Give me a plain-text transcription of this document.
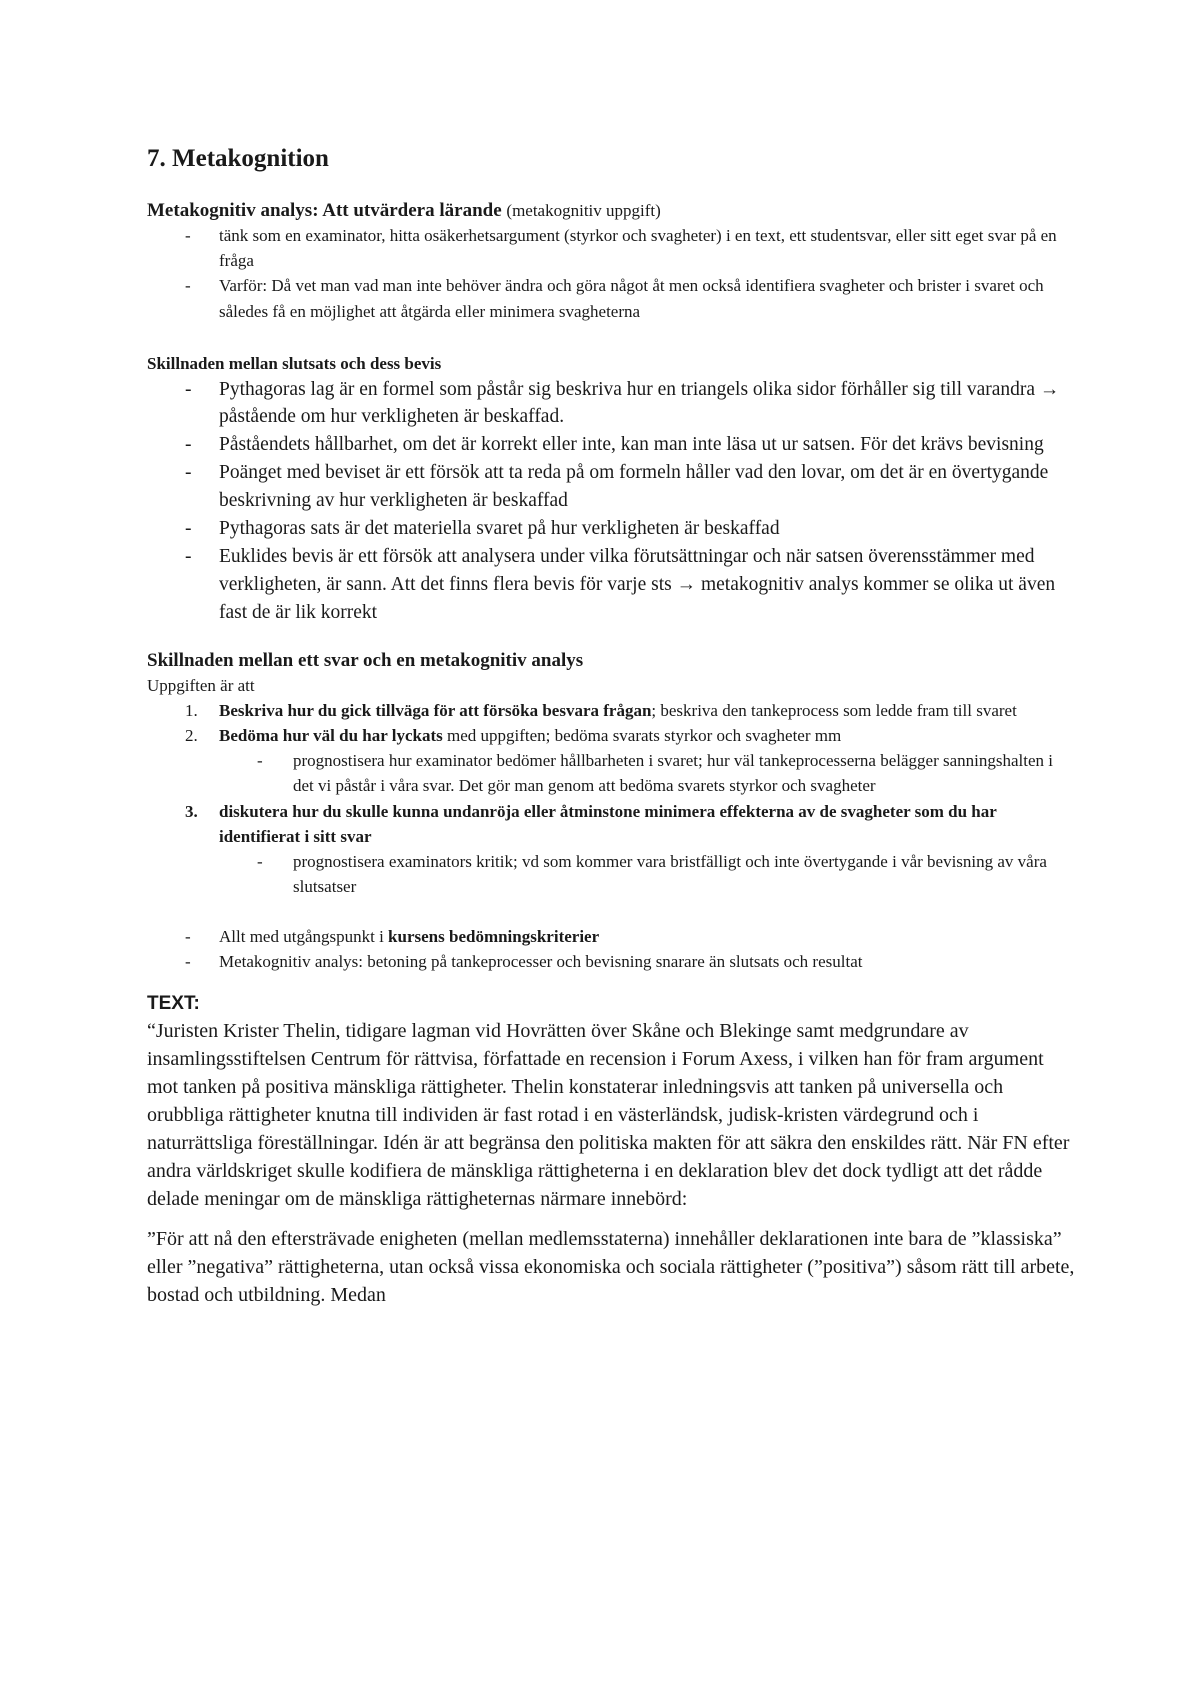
7. Metakognition

Metakognitiv analys: Att utvärdera lärande (metakognitiv uppgift)

- tänk som en examinator, hitta osäkerhetsargument (styrkor och svagheter) i en text, ett studentsvar, eller sitt eget svar på en fråga
- Varför: Då vet man vad man inte behöver ändra och göra något åt men också identifiera svagheter och brister i svaret och således få en möjlighet att åtgärda eller minimera svagheterna

Skillnaden mellan slutsats och dess bevis

- Pythagoras lag är en formel som påstår sig beskriva hur en triangels olika sidor förhåller sig till varandra → påstående om hur verkligheten är beskaffad.
- Påståendets hållbarhet, om det är korrekt eller inte, kan man inte läsa ut ur satsen. För det krävs bevisning
- Poänget med beviset är ett försök att ta reda på om formeln håller vad den lovar, om det är en övertygande beskrivning av hur verkligheten är beskaffad
- Pythagoras sats är det materiella svaret på hur verkligheten är beskaffad
- Euklides bevis är ett försök att analysera under vilka förutsättningar och när satsen överensstämmer med verkligheten, är sann. Att det finns flera bevis för varje sts → metakognitiv analys kommer se olika ut även fast de är lik korrekt

Skillnaden mellan ett svar och en metakognitiv analys

Uppgiften är att

1. Beskriva hur du gick tillväga för att försöka besvara frågan; beskriva den tankeprocess som ledde fram till svaret
2. Bedöma hur väl du har lyckats med uppgiften; bedöma svarats styrkor och svagheter mm
- prognostisera hur examinator bedömer hållbarheten i svaret; hur väl tankeprocesserna belägger sanningshalten i det vi påstår i våra svar. Det gör man genom att bedöma svarets styrkor och svagheter
3. diskutera hur du skulle kunna undanröja eller åtminstone minimera effekterna av de svagheter som du har identifierat i sitt svar
- prognostisera examinators kritik; vd som kommer vara bristfälligt och inte övertygande i vår bevisning av våra slutsatser
- Allt med utgångspunkt i kursens bedömningskriterier
- Metakognitiv analys: betoning på tankeprocesser och bevisning snarare än slutsats och resultat

TEXT:

“Juristen Krister Thelin, tidigare lagman vid Hovrätten över Skåne och Blekinge samt medgrundare av insamlingsstiftelsen Centrum för rättvisa, författade en recension i Forum Axess, i vilken han för fram argument mot tanken på positiva mänskliga rättigheter. Thelin konstaterar inledningsvis att tanken på universella och orubbliga rättigheter knutna till individen är fast rotad i en västerländsk, judisk-kristen värdegrund och i naturrättsliga föreställningar. Idén är att begränsa den politiska makten för att säkra den enskildes rätt. När FN efter andra världskriget skulle kodifiera de mänskliga rättigheterna i en deklaration blev det dock tydligt att det rådde delade meningar om de mänskliga rättigheternas närmare innebörd:

”För att nå den eftersträvade enigheten (mellan medlemsstaterna) innehåller deklarationen inte bara de ”klassiska” eller ”negativa” rättigheterna, utan också vissa ekonomiska och sociala rättigheter (”positiva”) såsom rätt till arbete, bostad och utbildning. Medan
